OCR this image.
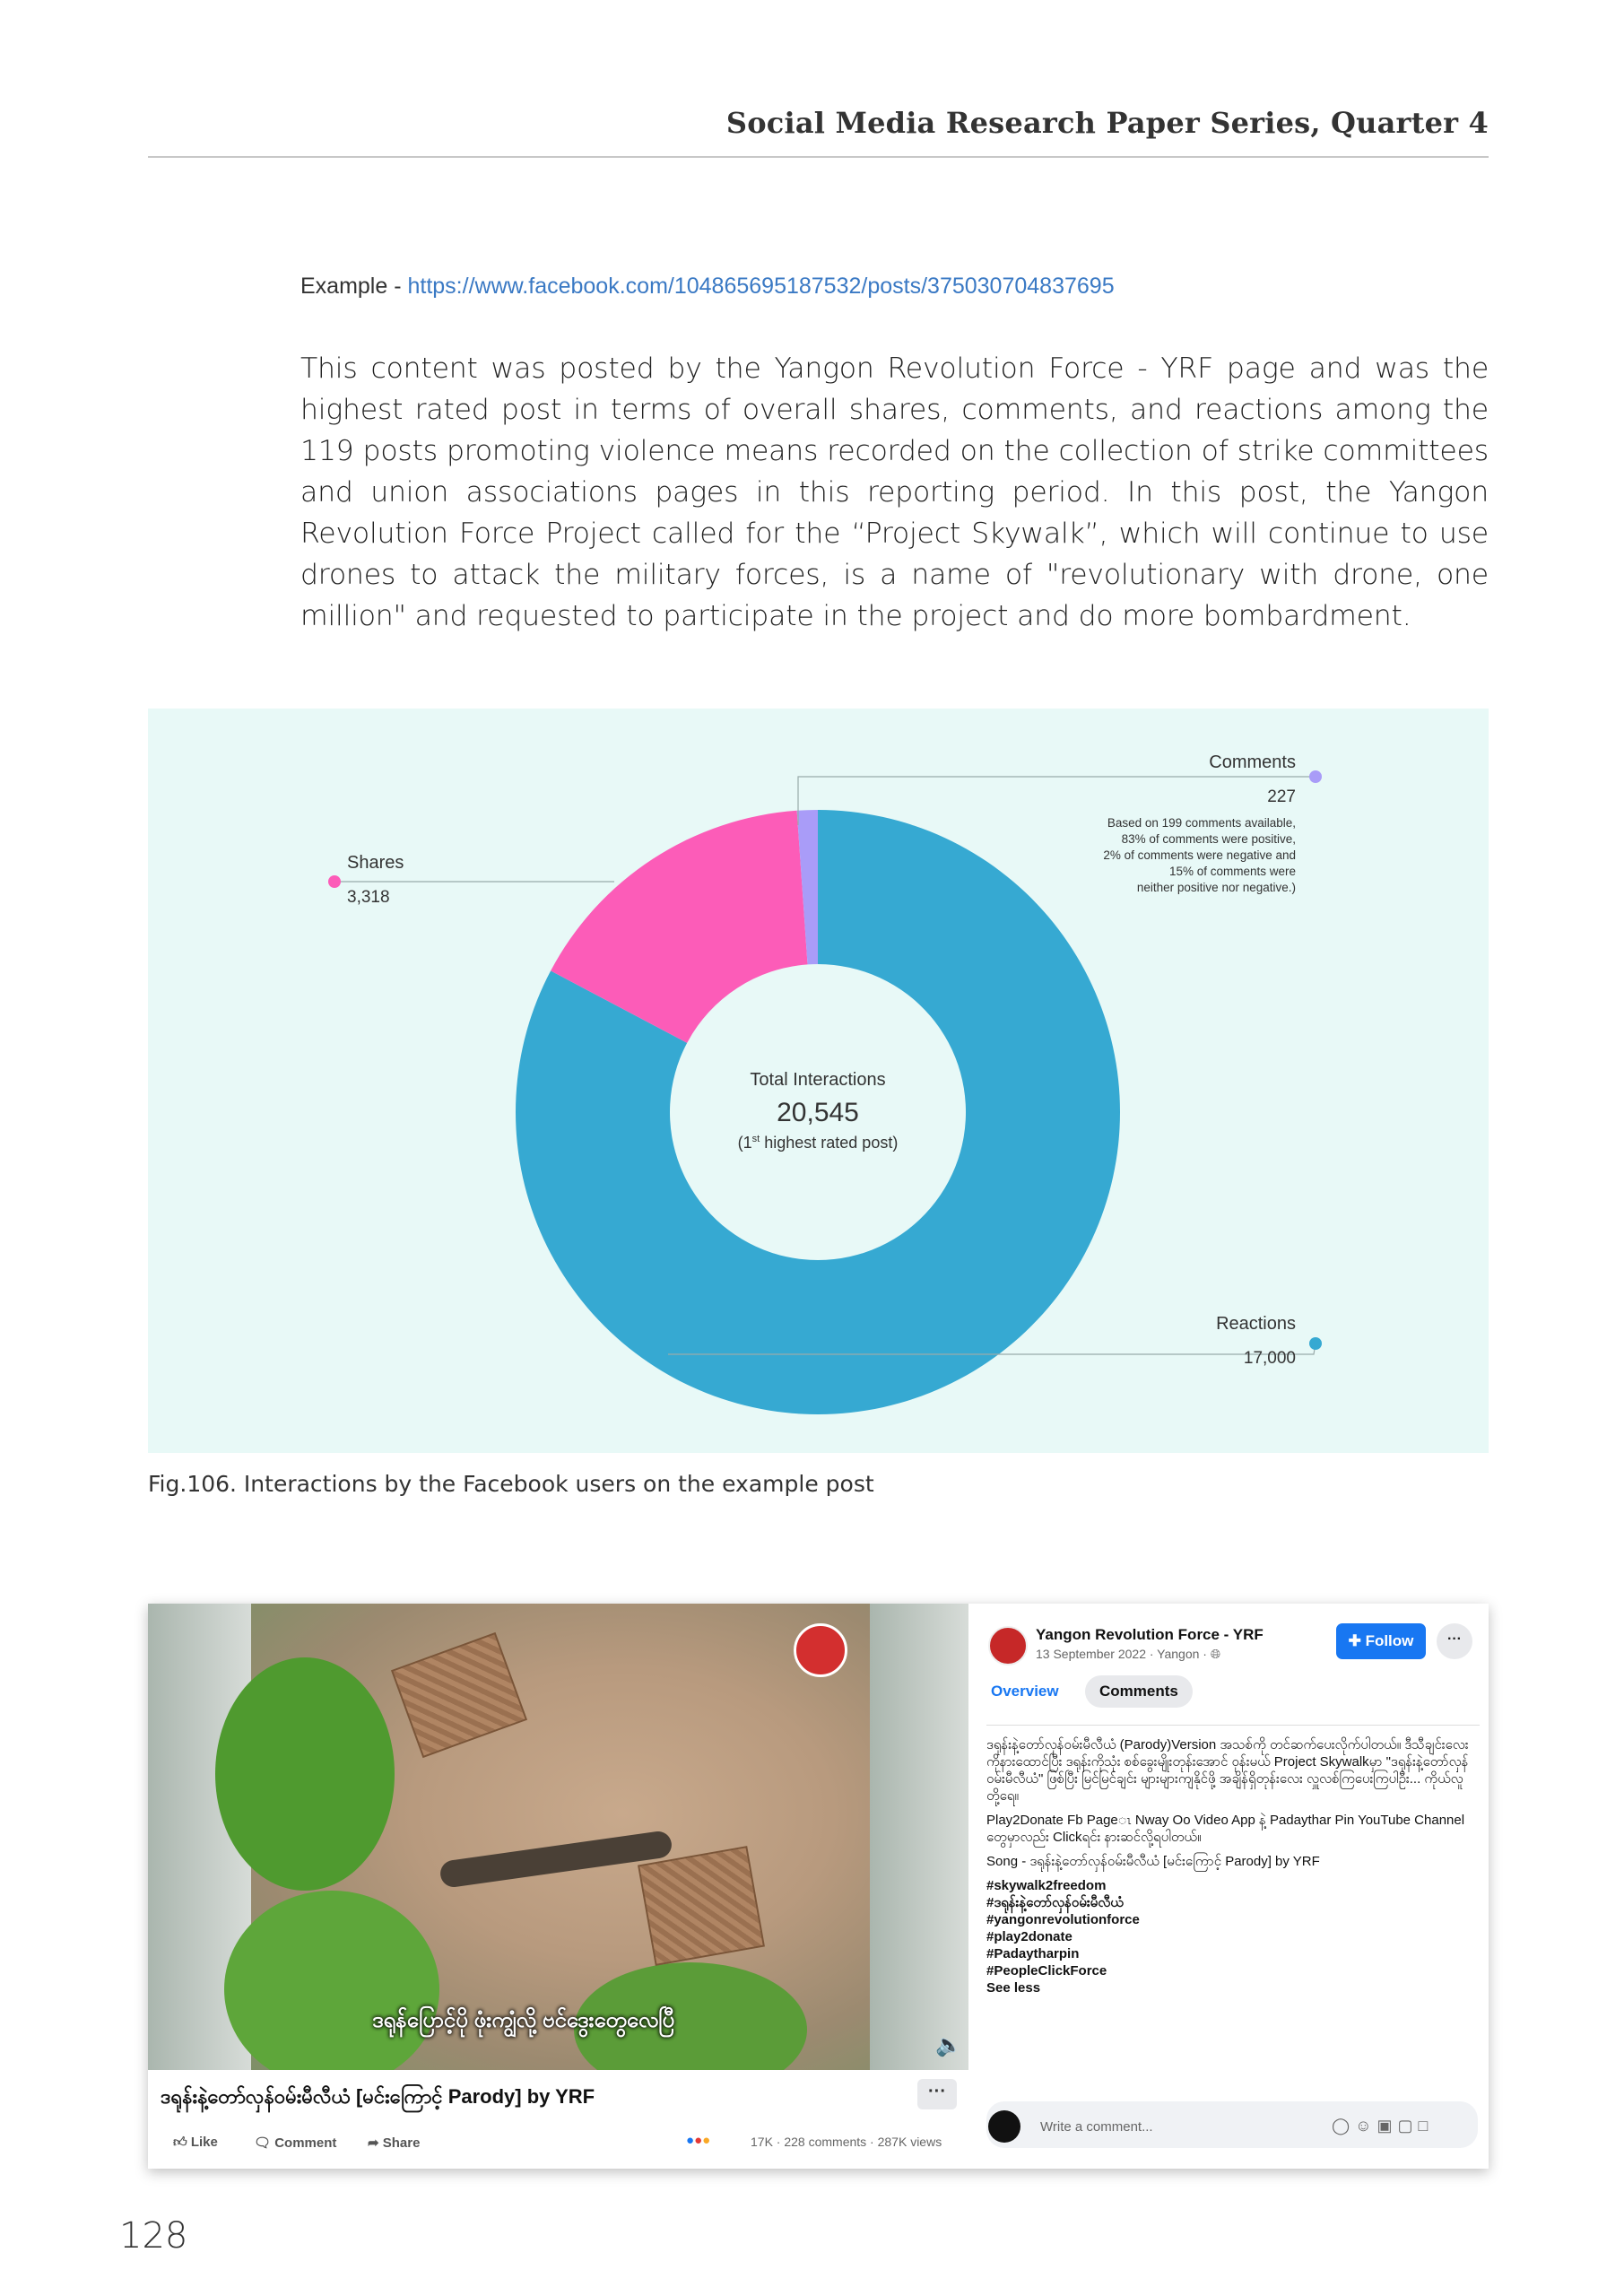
Social Media Research Paper Series, Quarter 4
Example - https://www.facebook.com/104865695187532/posts/375030704837695
This content was posted by the Yangon Revolution Force - YRF page and was the highest rated post in terms of overall shares, comments, and reactions among the 119 posts promoting violence means recorded on the collection of strike committees and union associations pages in this reporting period. In this post, the Yangon Revolution Force Project called for the “Project Skywalk”, which will continue to use drones to attack the military forces, is a name of "revolutionary with drone, one million" and requested to participate in the project and do more bombardment.
Reactions
17,000
Shares
3,318
Comments
227
Based on 199 comments available,
83% of comments were positive,
2% of comments were negative and
15% of comments were
neither positive nor negative.)
Total Interactions
20,545
(1st highest rated post)
Fig.106. Interactions by the Facebook users on the example post
ဒရုန်ပြောင့်ပို ဖုံးကျွံလို့ ဗင်ဒွေးတွေလေပြီ
🔈
ဒရုန်းနဲ့တော်လှန်ဝမ်းမီလီယံ [မင်းကြောင့် Parody] by YRF	···
👍︎ Like	🗨︎ Comment ➦ Share	●●●	17K · 228 comments · 287K views
Yangon Revolution Force - YRF
13 September 2022 · Yangon · 🌐︎
✚ Follow	···
Overview	Comments

ဒရုန်းနဲ့တော်လှန်ဝမ်းမီလီယံ (Parody)Version အသစ်ကို တင်ဆက်ပေးလိုက်ပါတယ်။ ဒီသီချင်းလေးကိုနားထောင်ပြီး ဒရုန်းကိုသုံး စစ်ခွေးမျိုးတုန်းအောင် ဝုန်းမယ် Project Skywalkမှာ "ဒရုန်းနဲ့တော်လှန် ဝမ်းမီလီယံ" ဖြစ်ပြီး မြင်မြင်ချင်း များများကျနိုင်ဖို့ အချိန်ရှိတုန်းလေး လှူလစ်ကြပေးကြပါဦး... ကိုယ်လူတို့ရေ။

Play2Donate Fb Pageၤ Nway Oo Video App နဲ့ Padaythar Pin YouTube Channel တွေမှာလည်း Clickရင်း နားဆင်လို့ရပါတယ်။

Song - ဒရုန်းနဲ့တော်လှန်ဝမ်းမီလီယံ [မင်းကြောင့် Parody] by YRF

#skywalk2freedom
#ဒရုန်းနဲ့တော်လှန်ဝမ်းမီလီယံ
#yangonrevolutionforce
#play2donate
#Padaytharpin
#PeopleClickForce
See less
Write a comment...	◯☺▣▢□
128
